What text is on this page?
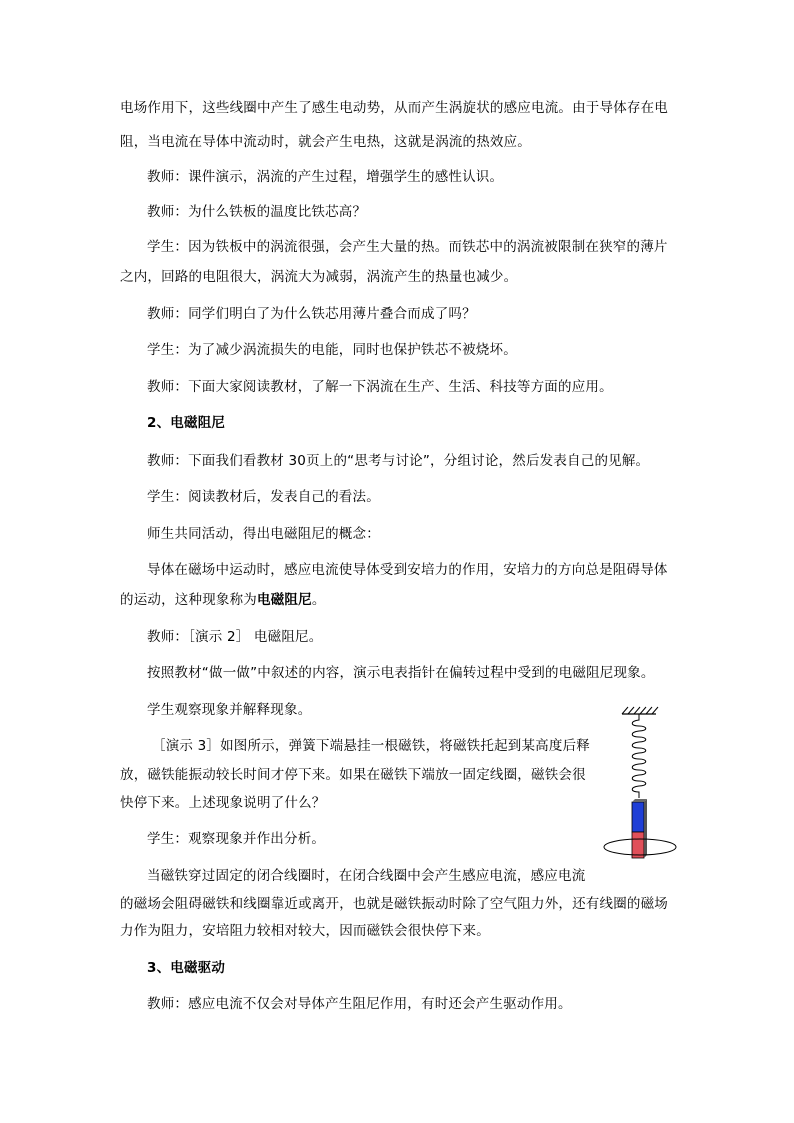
电场作用下，这些线圈中产生了感生电动势，从而产生涡旋状的感应电流。由于导体存在电

阻，当电流在导体中流动时，就会产生电热，这就是涡流的热效应。

教师：课件演示，涡流的产生过程，增强学生的感性认识。

教师：为什么铁板的温度比铁芯高？

学生：因为铁板中的涡流很强，会产生大量的热。而铁芯中的涡流被限制在狭窄的薄片

之内，回路的电阻很大，涡流大为减弱，涡流产生的热量也减少。

教师：同学们明白了为什么铁芯用薄片叠合而成了吗？

学生：为了减少涡流损失的电能，同时也保护铁芯不被烧坏。

教师：下面大家阅读教材，了解一下涡流在生产、生活、科技等方面的应用。

2、电磁阻尼

教师：下面我们看教材 30页上的“思考与讨论”，分组讨论，然后发表自己的见解。

学生：阅读教材后，发表自己的看法。

师生共同活动，得出电磁阻尼的概念：

导体在磁场中运动时，感应电流使导体受到安培力的作用，安培力的方向总是阻碍导体

的运动，这种现象称为电磁阻尼。

教师：［演示 2］ 电磁阻尼。

按照教材“做一做”中叙述的内容，演示电表指针在偏转过程中受到的电磁阻尼现象。

学生观察现象并解释现象。

［演示 3］如图所示，弹簧下端悬挂一根磁铁，将磁铁托起到某高度后释

放，磁铁能振动较长时间才停下来。如果在磁铁下端放一固定线圈，磁铁会很

快停下来。上述现象说明了什么？

学生：观察现象并作出分析。

当磁铁穿过固定的闭合线圈时，在闭合线圈中会产生感应电流，感应电流

的磁场会阻碍磁铁和线圈靠近或离开，也就是磁铁振动时除了空气阻力外，还有线圈的磁场

力作为阻力，安培阻力较相对较大，因而磁铁会很快停下来。

3、电磁驱动

教师：感应电流不仅会对导体产生阻尼作用，有时还会产生驱动作用。
